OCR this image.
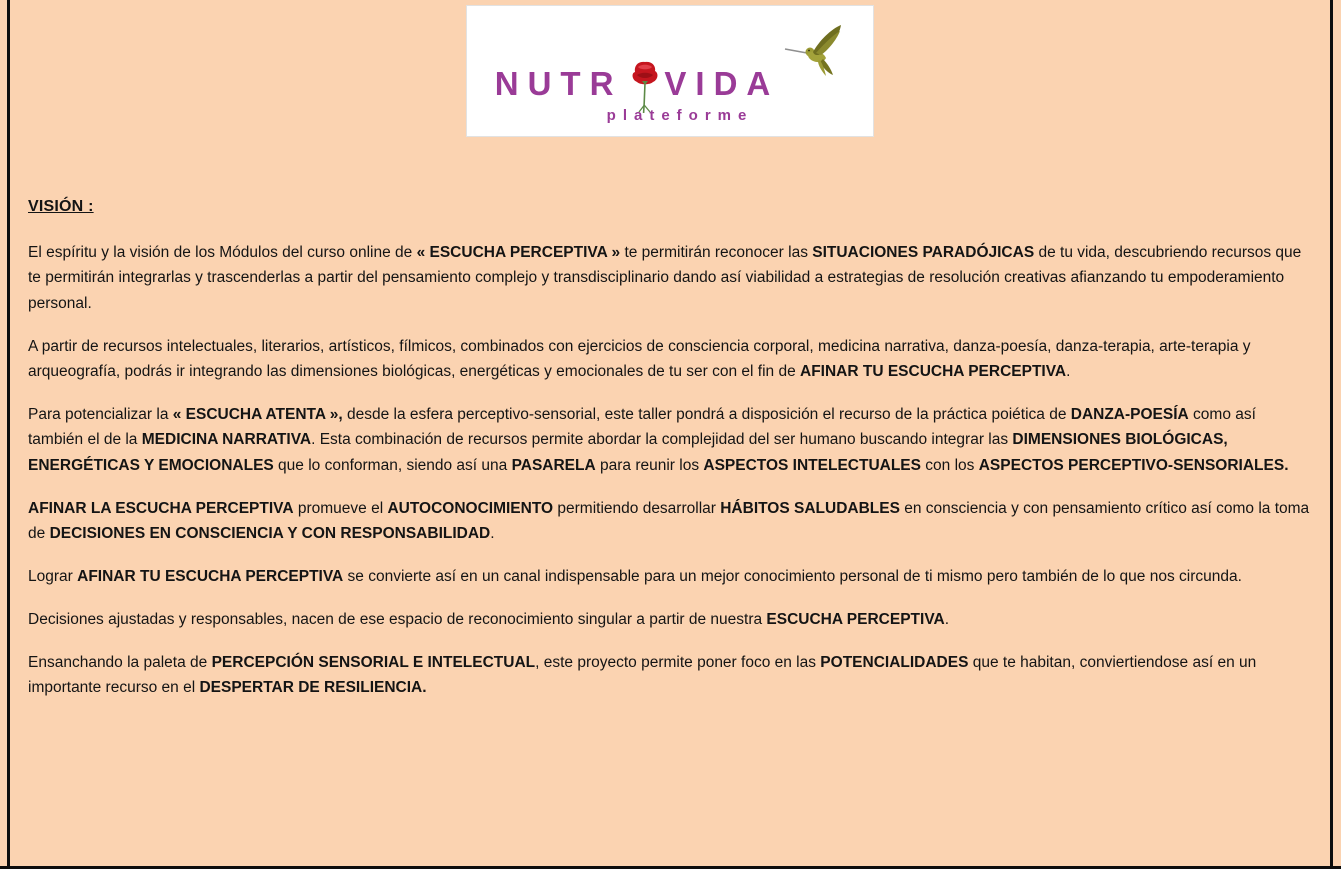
NUTR VIDA
plateforme
VISIÓN :

El espíritu y la visión de los Módulos del curso online de « ESCUCHA PERCEPTIVA » te permitirán reconocer las SITUACIONES PARADÓJICAS de tu vida, descubriendo recursos que te permitirán integrarlas y trascenderlas a partir del pensamiento complejo y transdisciplinario dando así viabilidad a estrategias de resolución creativas afianzando tu empoderamiento personal.

A partir de recursos intelectuales, literarios, artísticos, fílmicos, combinados con ejercicios de consciencia corporal, medicina narrativa, danza-poesía, danza-terapia, arte-terapia y arqueografía, podrás ir integrando las dimensiones biológicas, energéticas y emocionales de tu ser con el fin de AFINAR TU ESCUCHA PERCEPTIVA.

Para potencializar la « ESCUCHA ATENTA », desde la esfera perceptivo-sensorial, este taller pondrá a disposición el recurso de la práctica poiética de DANZA-POESÍA como así también el de la MEDICINA NARRATIVA. Esta combinación de recursos permite abordar la complejidad del ser humano buscando integrar las DIMENSIONES BIOLÓGICAS, ENERGÉTICAS Y EMOCIONALES que lo conforman, siendo así una PASARELA para reunir los ASPECTOS INTELECTUALES con los ASPECTOS PERCEPTIVO-SENSORIALES.

AFINAR LA ESCUCHA PERCEPTIVA promueve el AUTOCONOCIMIENTO permitiendo desarrollar HÁBITOS SALUDABLES en consciencia y con pensamiento crítico así como la toma de DECISIONES EN CONSCIENCIA Y CON RESPONSABILIDAD.

Lograr AFINAR TU ESCUCHA PERCEPTIVA se convierte así en un canal indispensable para un mejor conocimiento personal de ti mismo pero también de lo que nos circunda.

Decisiones ajustadas y responsables, nacen de ese espacio de reconocimiento singular a partir de nuestra ESCUCHA PERCEPTIVA.

Ensanchando la paleta de PERCEPCIÓN SENSORIAL E INTELECTUAL, este proyecto permite poner foco en las POTENCIALIDADES que te habitan, conviertiendose así en un importante recurso en el DESPERTAR DE RESILIENCIA.
